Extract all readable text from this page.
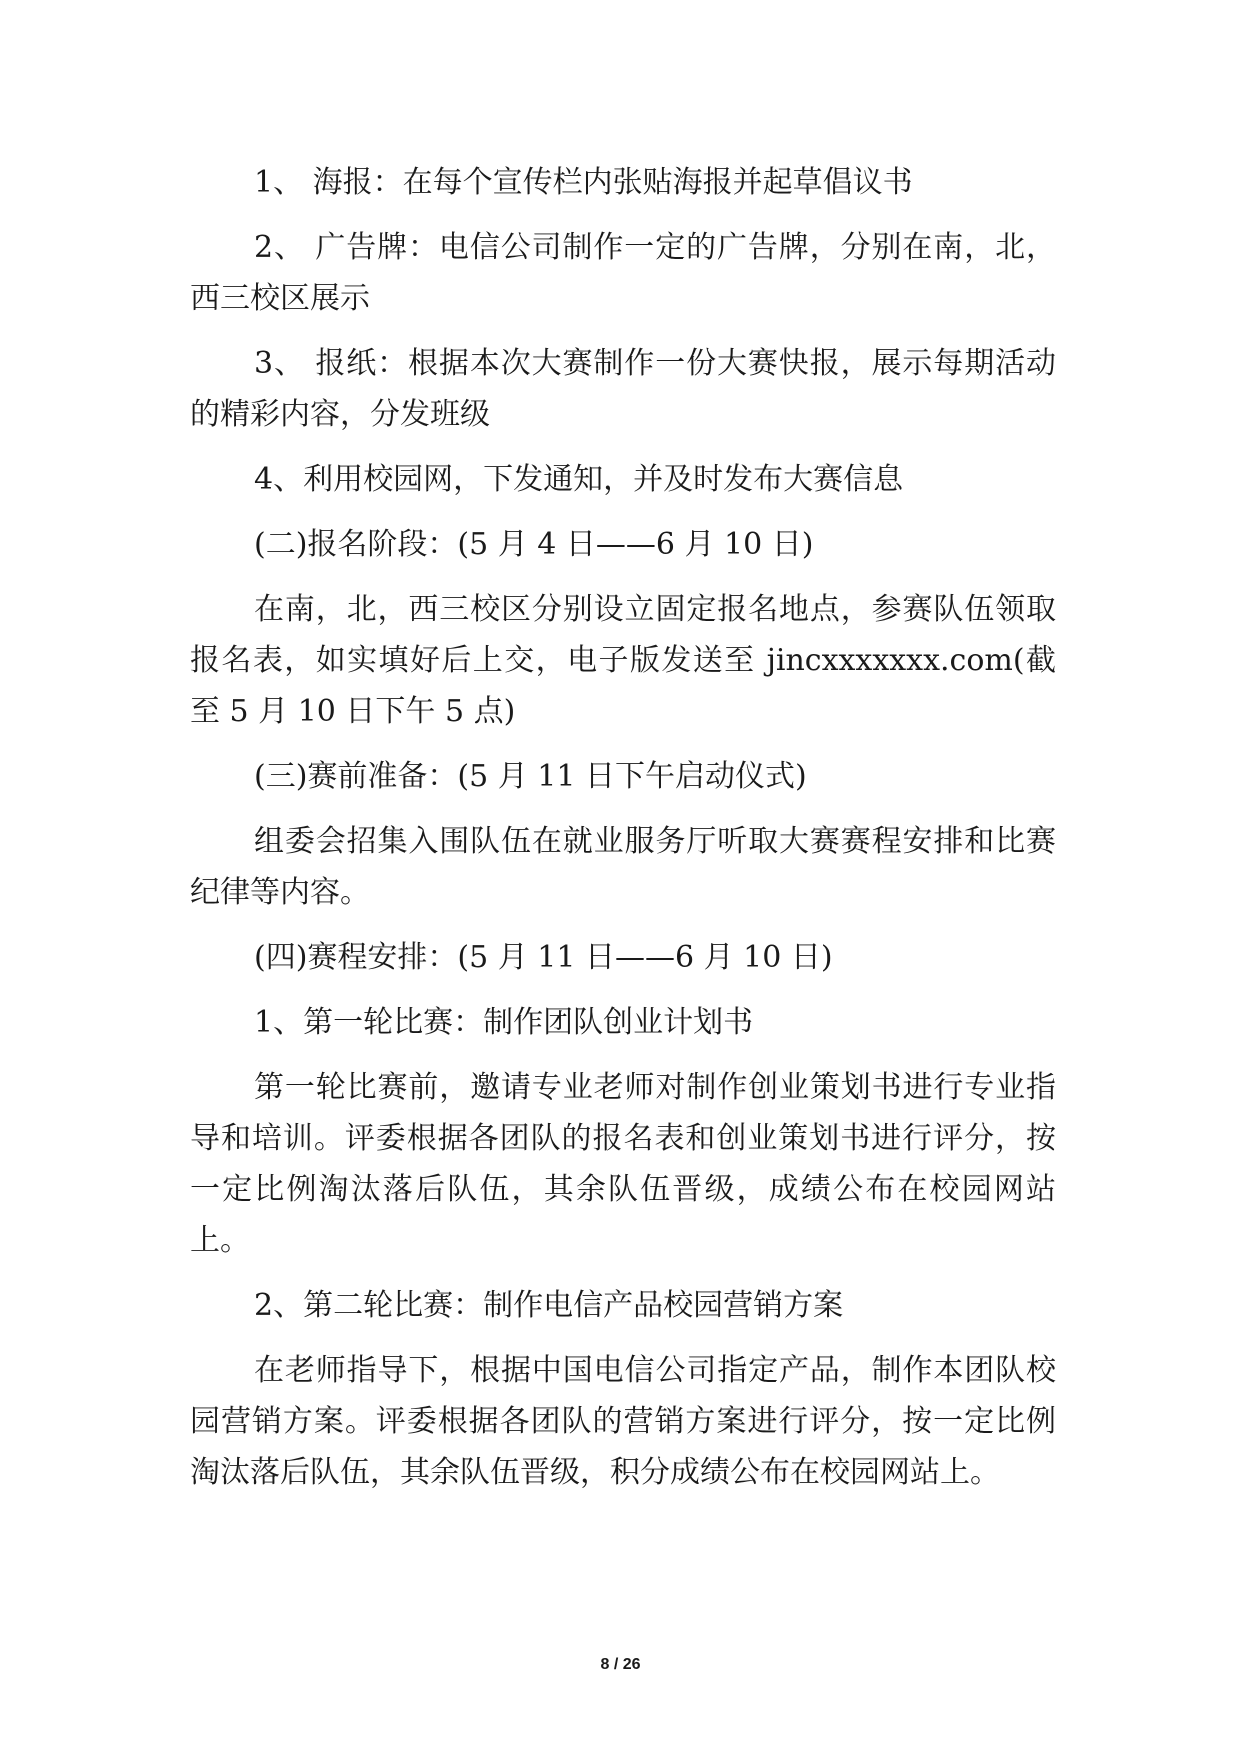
1、 海报：在每个宣传栏内张贴海报并起草倡议书

2、 广告牌：电信公司制作一定的广告牌，分别在南，北，西三校区展示

3、 报纸：根据本次大赛制作一份大赛快报，展示每期活动的精彩内容，分发班级

4、利用校园网，下发通知，并及时发布大赛信息

(二)报名阶段：(5 月 4 日——6 月 10 日)

在南，北，西三校区分别设立固定报名地点，参赛队伍领取报名表，如实填好后上交，电子版发送至 jincxxxxxxx.com(截至 5 月 10 日下午 5 点)

(三)赛前准备：(5 月 11 日下午启动仪式)

组委会招集入围队伍在就业服务厅听取大赛赛程安排和比赛纪律等内容。

(四)赛程安排：(5 月 11 日——6 月 10 日)

1、第一轮比赛：制作团队创业计划书

第一轮比赛前，邀请专业老师对制作创业策划书进行专业指导和培训。评委根据各团队的报名表和创业策划书进行评分，按一定比例淘汰落后队伍，其余队伍晋级，成绩公布在校园网站上。

2、第二轮比赛：制作电信产品校园营销方案

在老师指导下，根据中国电信公司指定产品，制作本团队校园营销方案。评委根据各团队的营销方案进行评分，按一定比例淘汰落后队伍，其余队伍晋级，积分成绩公布在校园网站上。

8 / 26
